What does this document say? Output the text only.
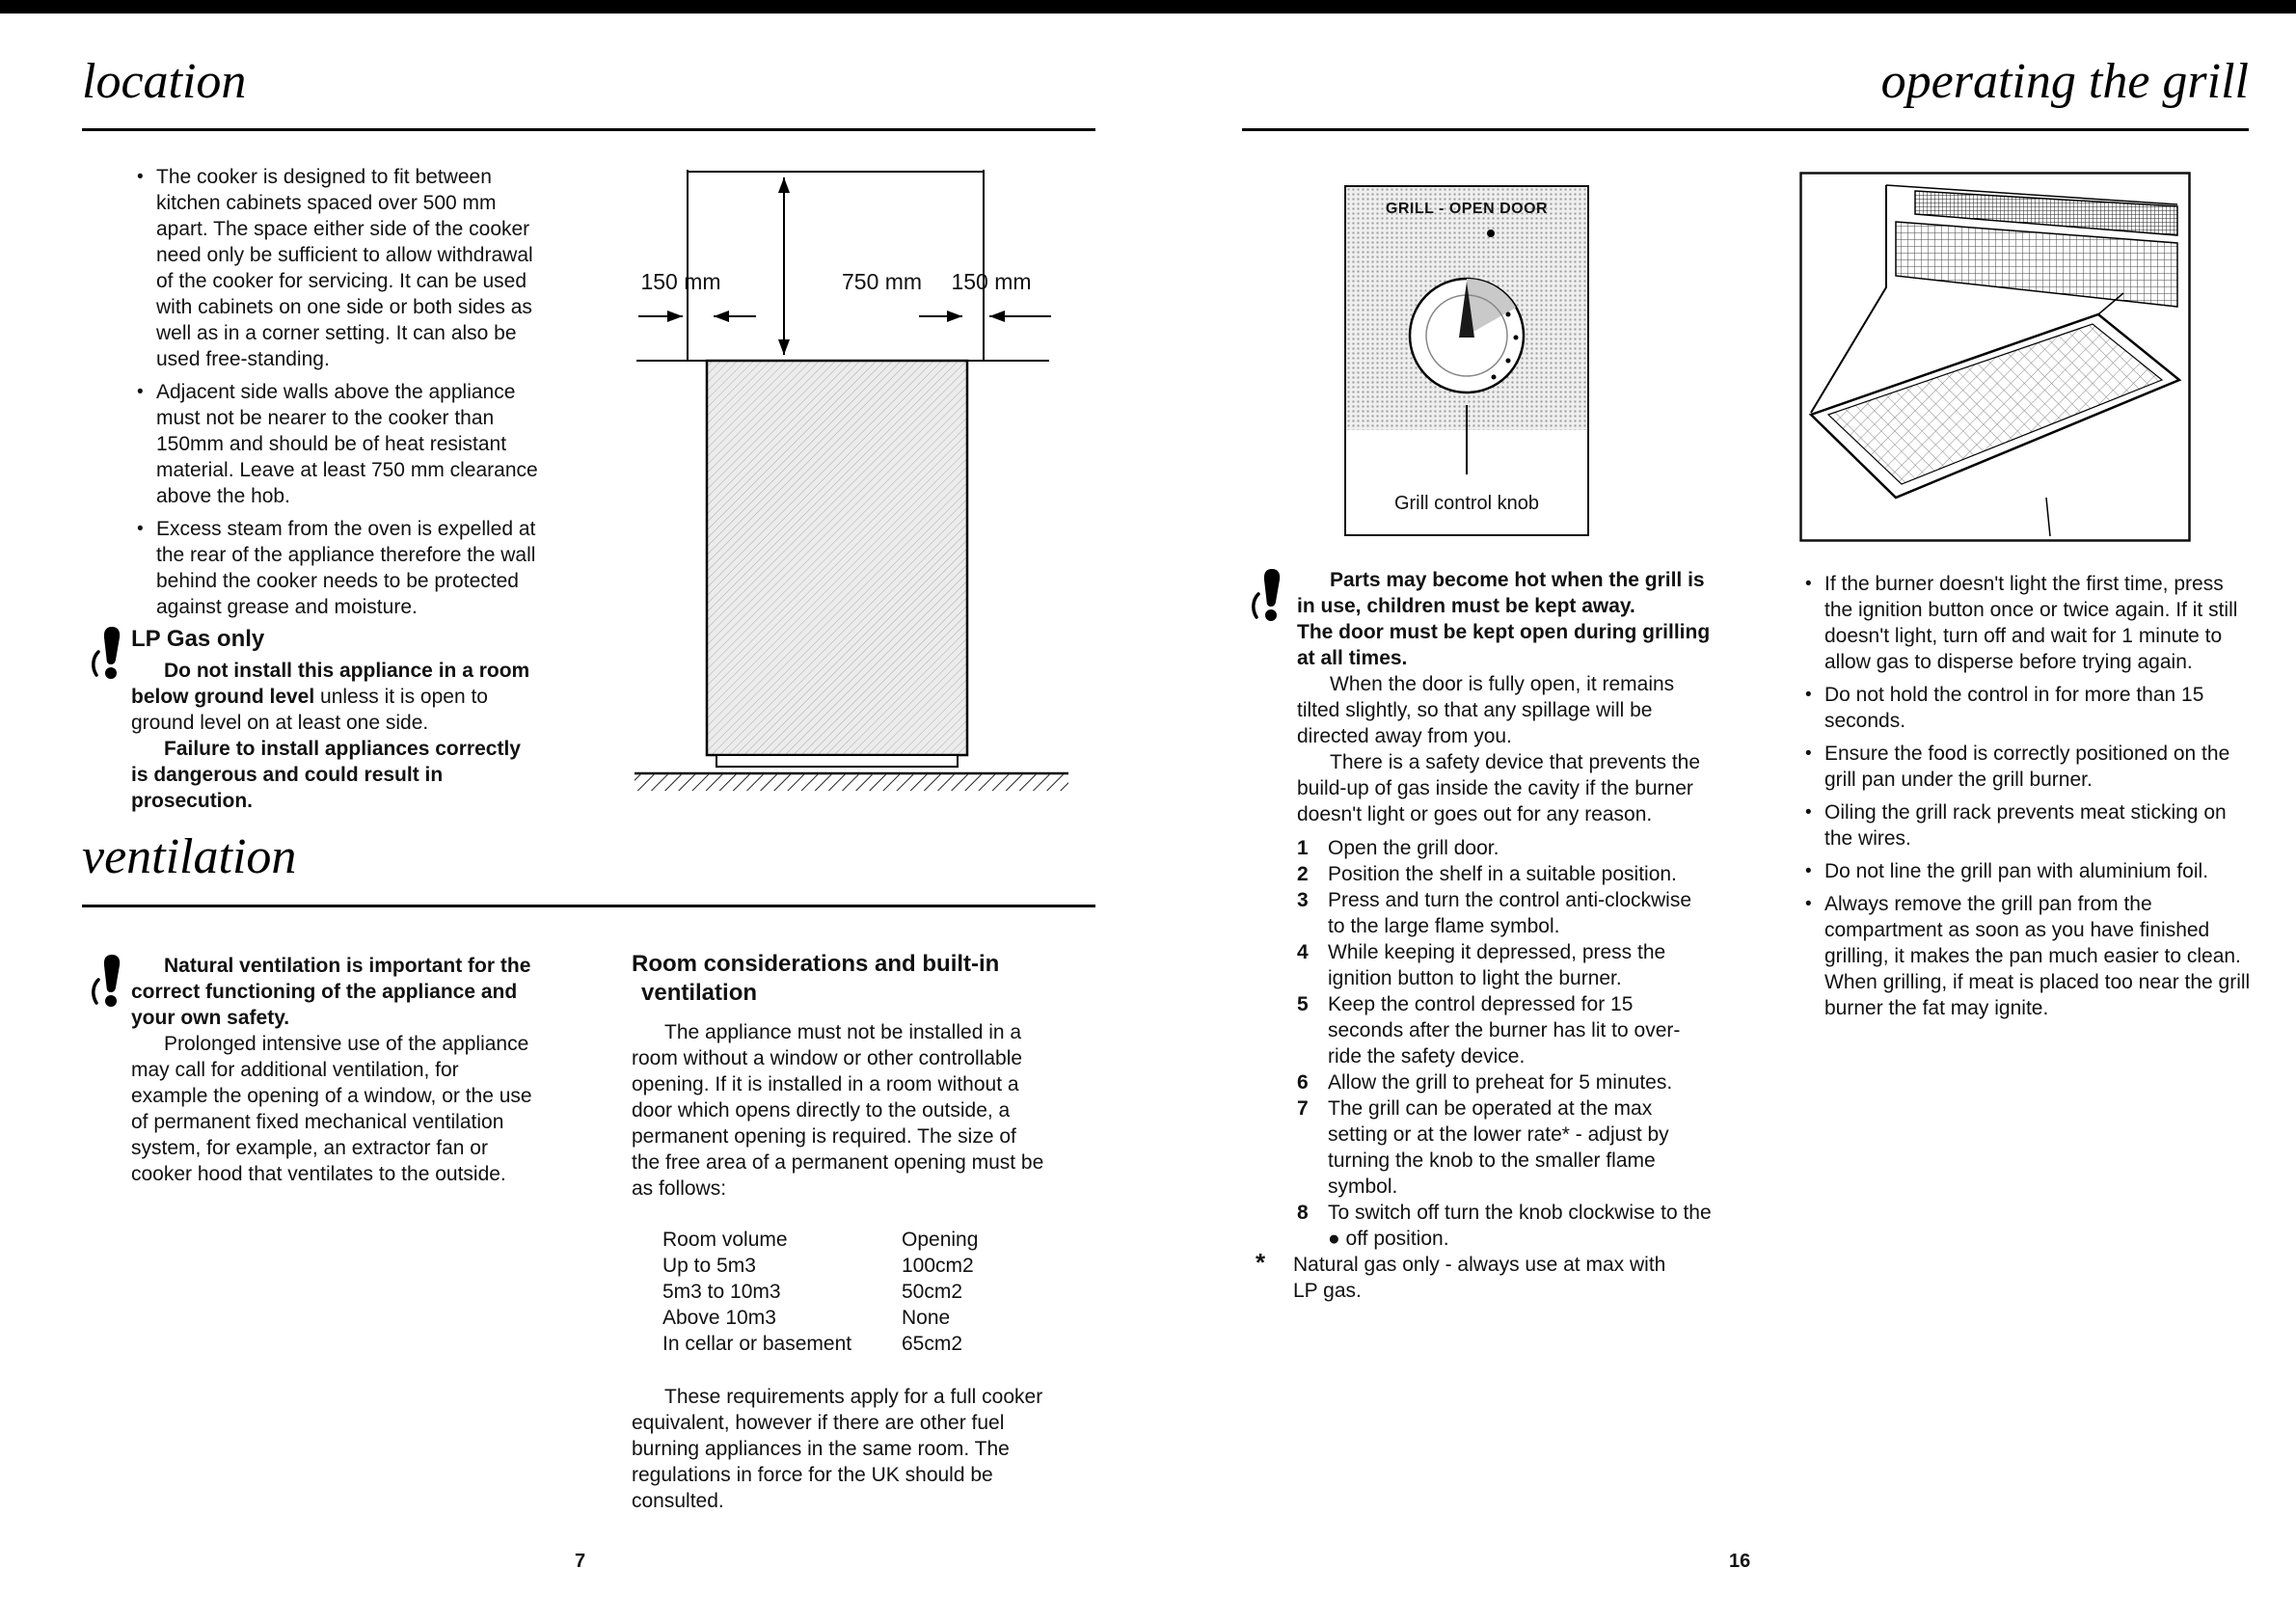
location
• The cooker is designed to fit between kitchen cabinets spaced over 500 mm apart. The space either side of the cooker need only be sufficient to allow withdrawal of the cooker for servicing. It can be used with cabinets on one side or both sides as well as in a corner setting. It can also be used free-standing.
• Adjacent side walls above the appliance must not be nearer to the cooker than 150mm and should be of heat resistant material. Leave at least 750 mm clearance above the hob.
• Excess steam from the oven is expelled at the rear of the appliance therefore the wall behind the cooker needs to be protected against grease and moisture.
LP Gas only

Do not install this appliance in a room below ground level unless it is open to ground level on at least one side.

Failure to install appliances correctly is dangerous and could result in prosecution.

750 mm
150 mm	150 mm
ventilation

Natural ventilation is important for the correct functioning of the appliance and your own safety.

Prolonged intensive use of the appliance may call for additional ventilation, for example the opening of a window, or the use of permanent fixed mechanical ventilation system, for example, an extractor fan or cooker hood that ventilates to the outside.

Room considerations and built-in
ventilation

The appliance must not be installed in a room without a window or other controllable opening. If it is installed in a room without a door which opens directly to the outside, a permanent opening is required. The size of the free area of a permanent opening must be as follows:

Room volume	Opening
Up to 5m3	100cm2
5m3 to 10m3	50cm2
Above 10m3	None
In cellar or basement	65cm2

These requirements apply for a full cooker equivalent, however if there are other fuel burning appliances in the same room. The regulations in force for the UK should be consulted.

7
operating the grill
GRILL - OPEN DOOR
Grill control knob

Parts may become hot when the grill is in use, children must be kept away.

The door must be kept open during grilling at all times.

When the door is fully open, it remains tilted slightly, so that any spillage will be directed away from you.

There is a safety device that prevents the build-up of gas inside the cavity if the burner doesn't light or goes out for any reason.

1 Open the grill door.
2 Position the shelf in a suitable position.
3 Press and turn the control anti-clockwise to the large flame symbol.
4 While keeping it depressed, press the ignition button to light the burner.
5 Keep the control depressed for 15 seconds after the burner has lit to over-ride the safety device.
6 Allow the grill to preheat for 5 minutes.
7 The grill can be operated at the max setting or at the lower rate* - adjust by turning the knob to the smaller flame symbol.
8 To switch off turn the knob clockwise to the ● off position.
* Natural gas only - always use at max with LP gas.

• If the burner doesn't light the first time, press the ignition button once or twice again. If it still doesn't light, turn off and wait for 1 minute to allow gas to disperse before trying again.
• Do not hold the control in for more than 15 seconds.
• Ensure the food is correctly positioned on the grill pan under the grill burner.
• Oiling the grill rack prevents meat sticking on the wires.
• Do not line the grill pan with aluminium foil.
• Always remove the grill pan from the compartment as soon as you have finished grilling, it makes the pan much easier to clean. When grilling, if meat is placed too near the grill burner the fat may ignite.
16
